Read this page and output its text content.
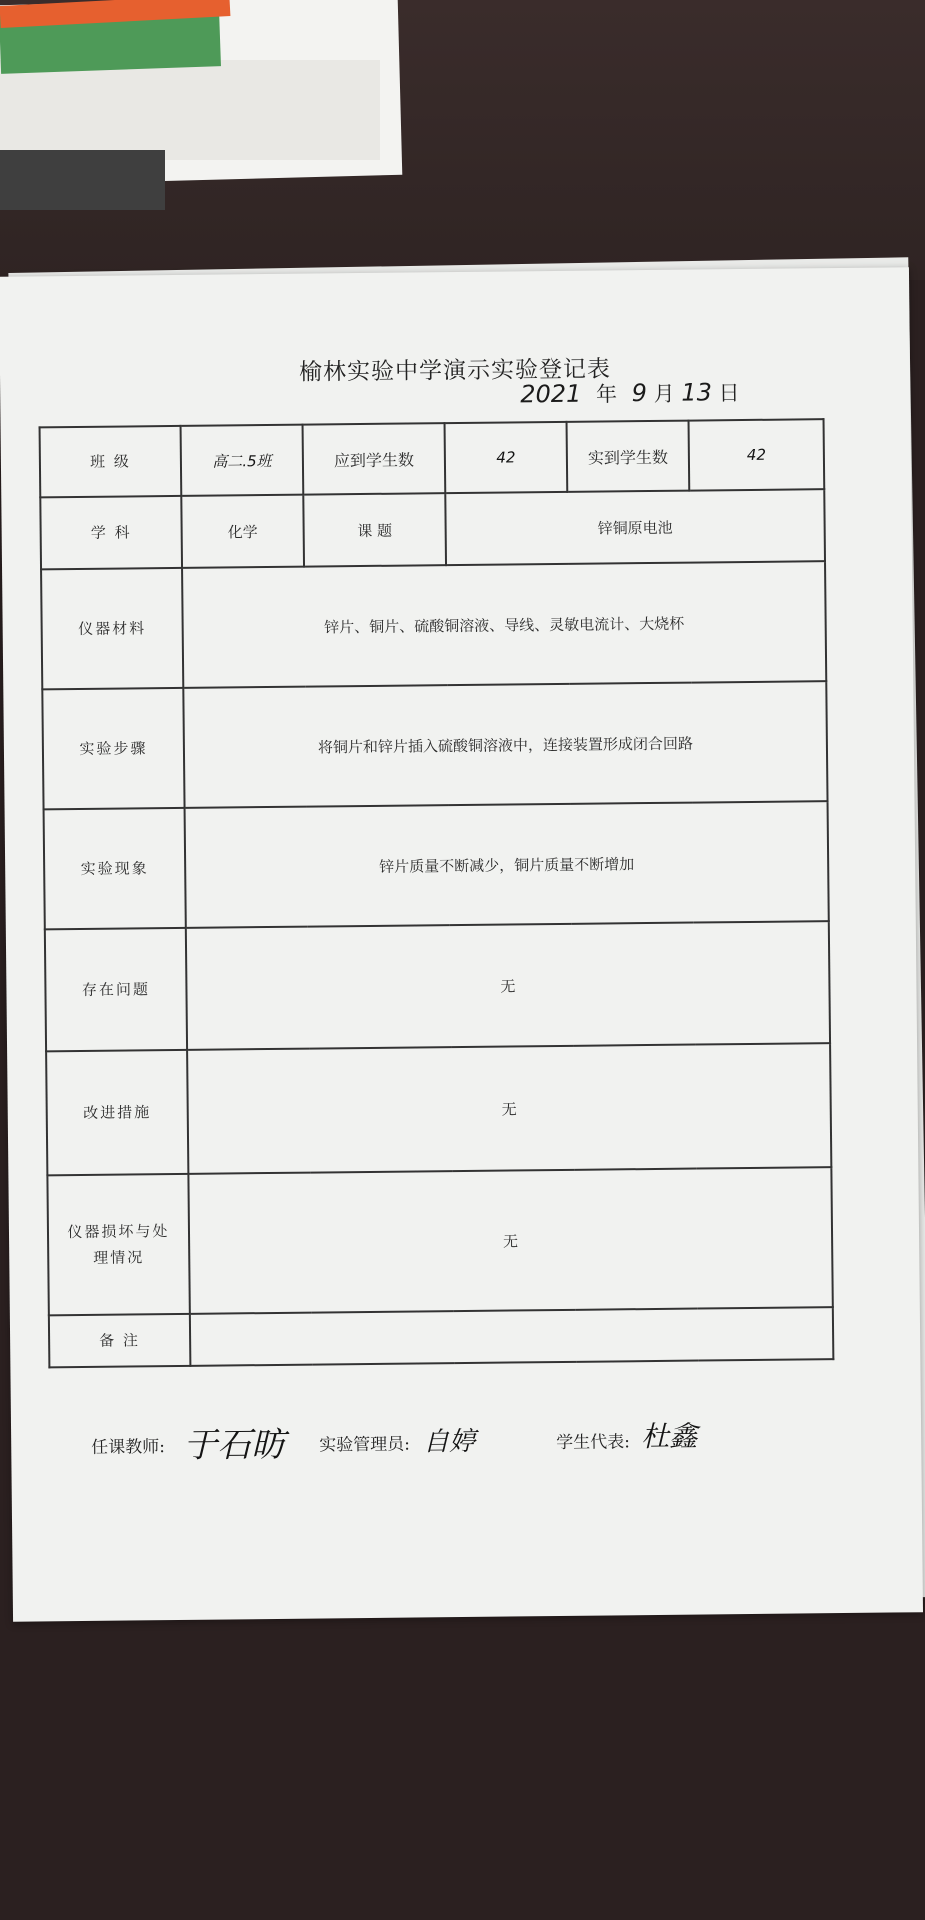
榆林实验中学演示实验登记表
2021 年 9 月 13 日
班 级	高二.5班	应到学生数	42	实到学生数	42
学 科	化学	课 题	锌铜原电池		
仪器材料	锌片、铜片、硫酸铜溶液、导线、灵敏电流计、大烧杯				
实验步骤	将铜片和锌片插入硫酸铜溶液中，连接装置形成闭合回路				
实验现象	锌片质量不断减少，铜片质量不断增加				
存在问题	无				
改进措施	无				
仪器损坏与处理情况	无				
备 注					
任课教师: 于石昉 实验管理员: 自婷	学生代表: 杜鑫
